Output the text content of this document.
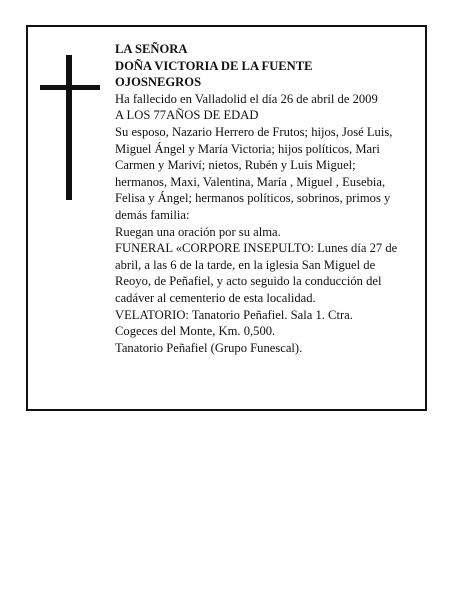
LA SEÑORA
DOÑA VICTORIA DE LA FUENTE
OJOSNEGROS
Ha fallecido en Valladolid el día 26 de abril de 2009
A LOS 77AÑOS DE EDAD
Su esposo, Nazario Herrero de Frutos; hijos, José Luis,
Miguel Ángel y María Victoria; hijos políticos, Mari
Carmen y Mariví; nietos, Rubén y Luis Miguel;
hermanos, Maxi, Valentina, María , Miguel , Eusebia,
Felisa y Ángel; hermanos políticos, sobrinos, primos y
demás familia:
Ruegan una oración por su alma.
FUNERAL «CORPORE INSEPULTO: Lunes día 27 de
abril, a las 6 de la tarde, en la iglesia San Miguel de
Reoyo, de Peñafiel, y acto seguido la conducción del
cadáver al cementerio de esta localidad.
VELATORIO: Tanatorio Peñafiel. Sala 1. Ctra.
Cogeces del Monte, Km. 0,500.
Tanatorio Peñafiel (Grupo Funescal).
